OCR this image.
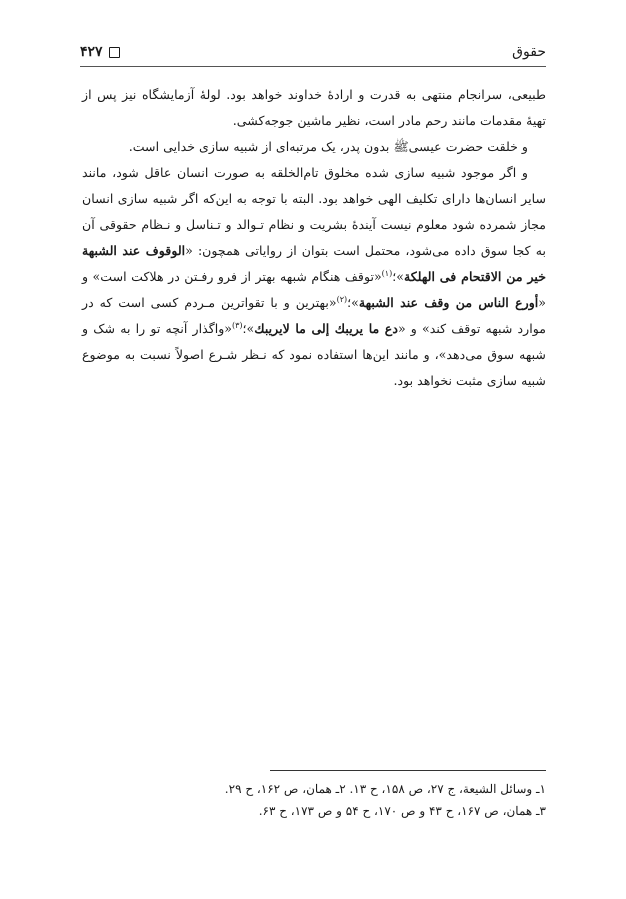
حقوق
۴۲۷

طبیعی، سرانجام منتهی به قدرت و ارادهٔ خداوند خواهد بود. لولهٔ آزمایشگاه نیز پس از تهیهٔ مقدمات مانند رحم مادر است، نظیر ماشین جوجه‌کشی.

و خلقت حضرت عیسیﷺ بدون پدر، یک مرتبه‌ای از شبیه سازی خدایی است.

و اگر موجود شبیه سازی شده مخلوق تام‌الخلقه به صورت انسان عاقل شود، مانند سایر انسان‌ها دارای تکلیف الهی خواهد بود. البته با توجه به این‌که اگر شبیه سازی انسان مجاز شمرده شود معلوم نیست آیندهٔ بشریت و نظام تـوالد و تـناسل و نـظام حقوقی آن به کجا سوق داده می‌شود، محتمل است بتوان از روایاتی همچون: «الوقوف عند الشبهة خير من الاقتحام فی الهلكة»؛$^{(۱)}$«توقف هنگام شبهه بهتر از فرو رفـتن در هلاکت است» و «أورع الناس من وقف عند الشبهة»؛$^{(۲)}$«بهترین و با تقواترین مـردم کسی است که در موارد شبهه توقف کند» و «دع ما يريبك إلى ما لايريبك»؛$^{(۳)}$«واگذار آنچه تو را به شک و شبهه سوق می‌دهد»، و مانند این‌ها استفاده نمود که نـظر شـرع اصولاً نسبت به موضوع شبیه سازی مثبت نخواهد بود.

۱ـ وسائل الشیعة، ج ۲۷، ص ۱۵۸، ح ۱۳. ۲ـ همان، ص ۱۶۲، ح ۲۹.
۳ـ همان، ص ۱۶۷، ح ۴۳ و ص ۱۷۰، ح ۵۴ و ص ۱۷۳، ح ۶۳.
